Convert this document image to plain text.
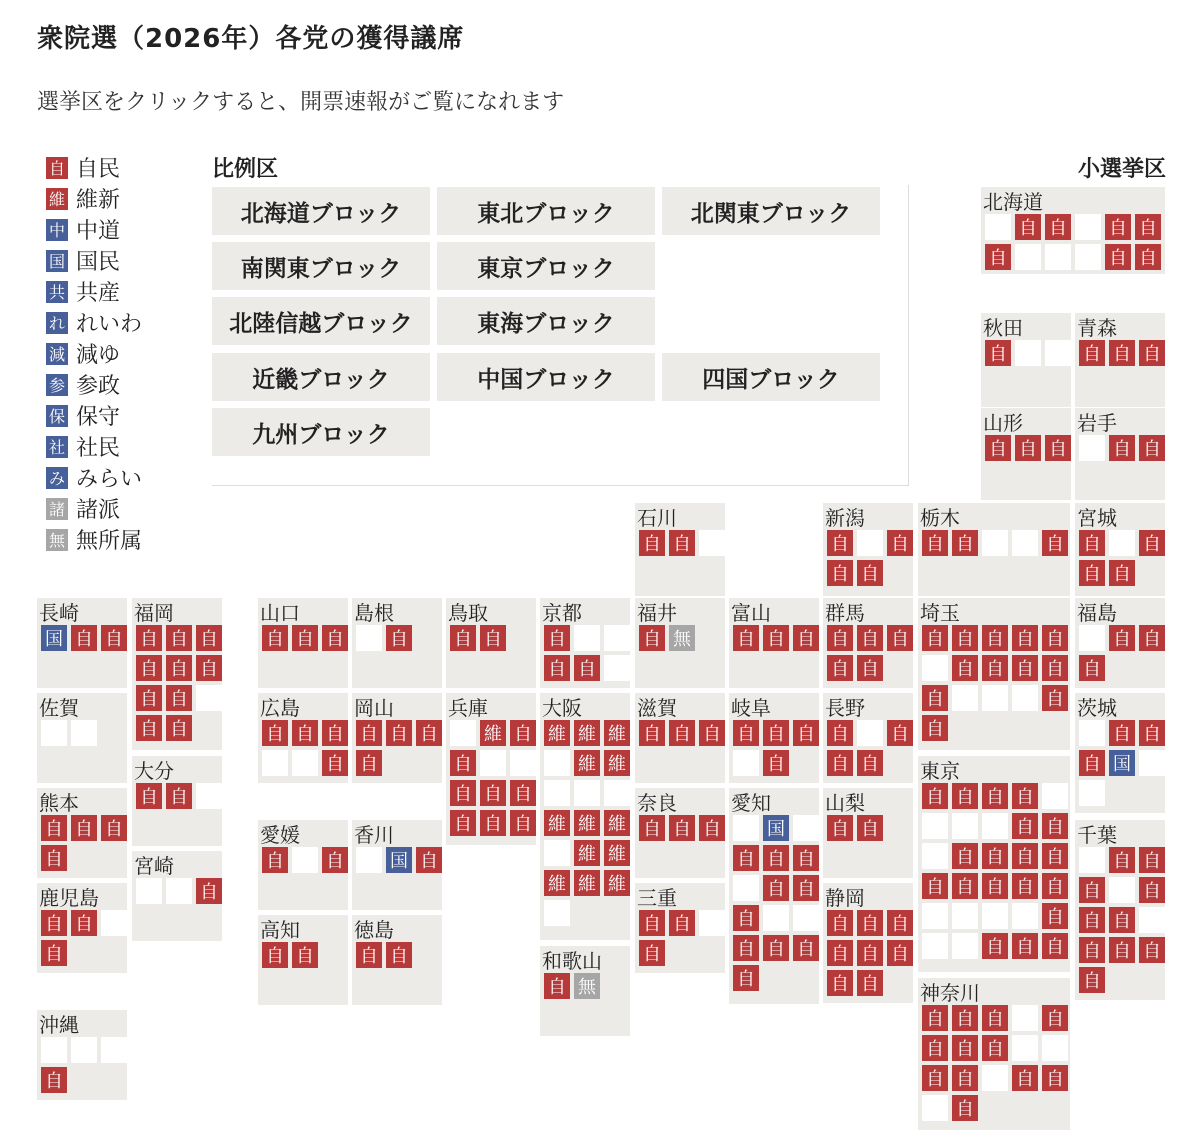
衆院選（2026年）各党の獲得議席
選挙区をクリックすると、開票速報がご覧になれます
自 自民
維 維新
中 中道
国 国民
共 共産
れ れいわ
減 減ゆ
参 参政
保 保守
社 社民
み みらい
諸 諸派
無 無所属
比例区	小選挙区
北海道ブロック	東北ブロック	北関東ブロック
南関東ブロック	東京ブロック
北陸信越ブロック	東海ブロック
近畿ブロック	中国ブロック	四国ブロック
九州ブロック
北海道
自 自 自 自
自	自 自
秋田
自
青森
自 自 自
山形
自 自 自
岩手
自 自
石川
自 自
新潟
自 自
自 自
栃木
自 自	自
宮城
自 自
自 自
長崎
国 自 自
福岡
自 自 自
自 自 自
自 自
自 自
山口
自 自 自
島根
自
鳥取
自 自
京都
自
自 自
福井
自 無
富山
自 自 自
群馬
自 自 自
自 自
埼玉
自 自 自 自 自
自 自 自 自
自	自
自
福島
自 自
自
佐賀	広島
自 自 自
自
岡山
自 自 自
自
兵庫
維 自
自
自 自 自
自 自 自
大阪
維 維 維
維 維
維 維 維
維 維
維 維 維
滋賀
自 自 自
岐阜
自 自 自
自
長野
自 自
自 自
茨城
自 自
自 国
大分
自 自
熊本
自 自 自
自
奈良
自 自 自
山梨
自 自
東京
自 自 自 自
自 自
自 自 自 自
自 自 自 自 自
自
自 自 自
愛媛
自 自
香川
国 自
愛知
国
自 自 自
自 自
自
自 自 自
自
千葉
自 自
自 自
自 自
自 自 自
自
宮崎
自
鹿児島
自 自
自
三重
自 自
自
静岡
自 自 自
自 自 自
自 自
高知
自 自
徳島
自 自	和歌山
自 無
沖縄
自
神奈川
自 自 自 自
自 自 自
自 自 自 自
自
